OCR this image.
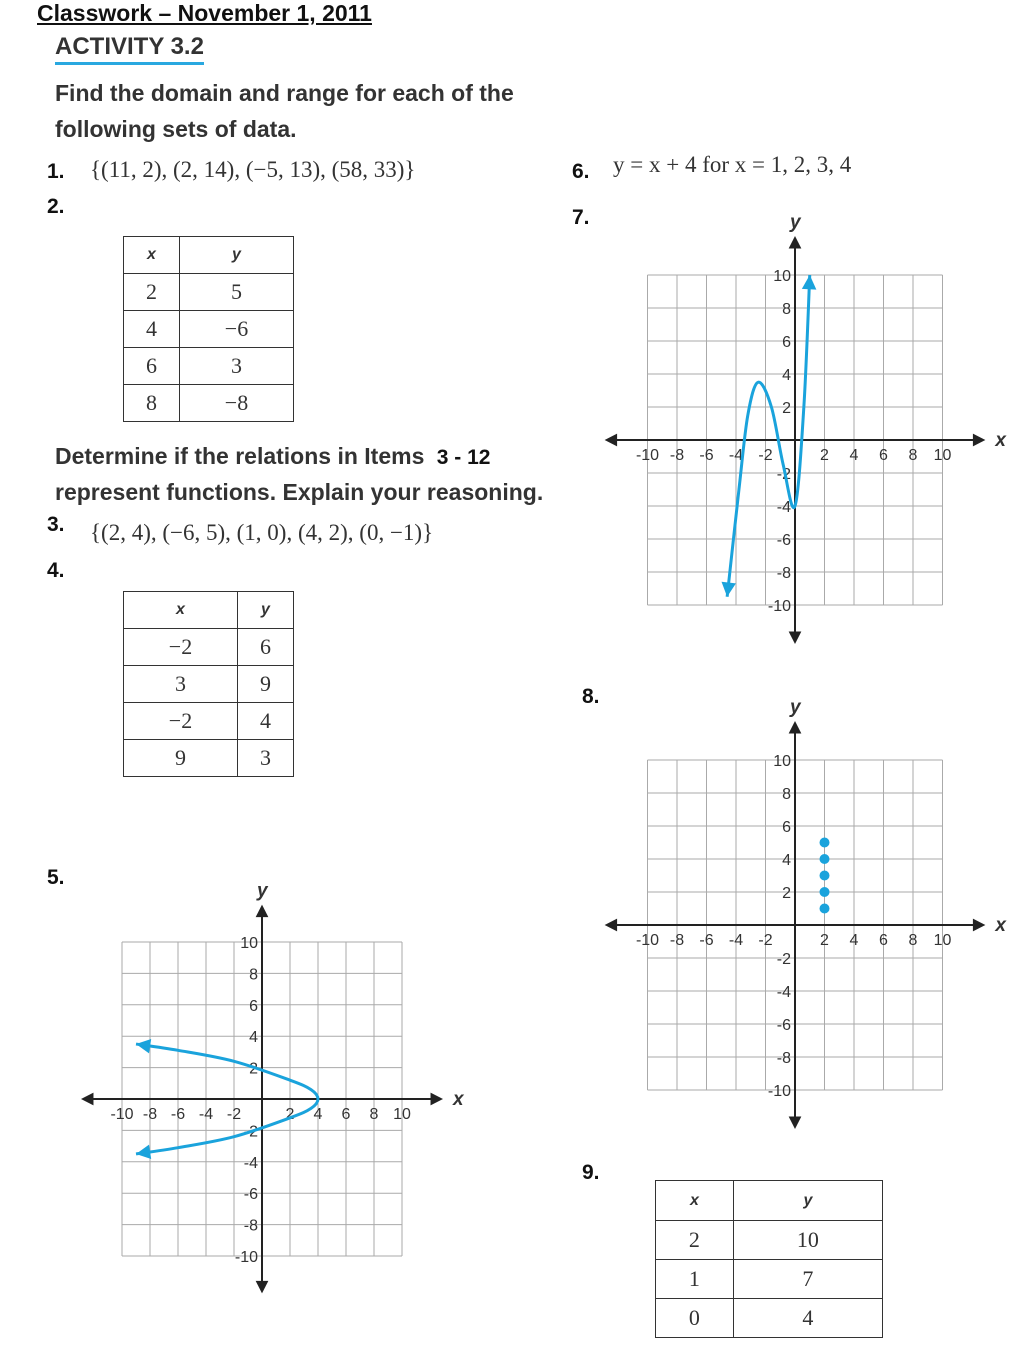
Classwork – November 1, 2011
ACTIVITY 3.2
Find the domain and range for each of the
following sets of data.
1. {(11, 2), (2, 14), (−5, 13), (58, 33)}
2.
x	y
2	5
4	−6
6	3
8	−8
Determine if the relations in Items 3 - 12
represent functions. Explain your reasoning.
3. {(2, 4), (−6, 5), (1, 0), (4, 2), (0, −1)}
4.
x	y
−2	6
3	9
−2	4
9	3
5.
x
y
-10 -8 -6 -4 -2	2 4 6 8 10
10
8
6
4
2
-2
-4
-6
-8
-10
6. y = x + 4 for x = 1, 2, 3, 4
7.
x
y
-10 -8 -6 -4 -2	2 4 6 8 10
10
8
6
4
2
-2
-4
-6
-8
-10
8.
x
y
-10 -8 -6 -4 -2	2 4 6 8 10
10
8
6
4
2
-2
-4
-6
-8
-10
9.
x	y
2	10
1	7
0	4
